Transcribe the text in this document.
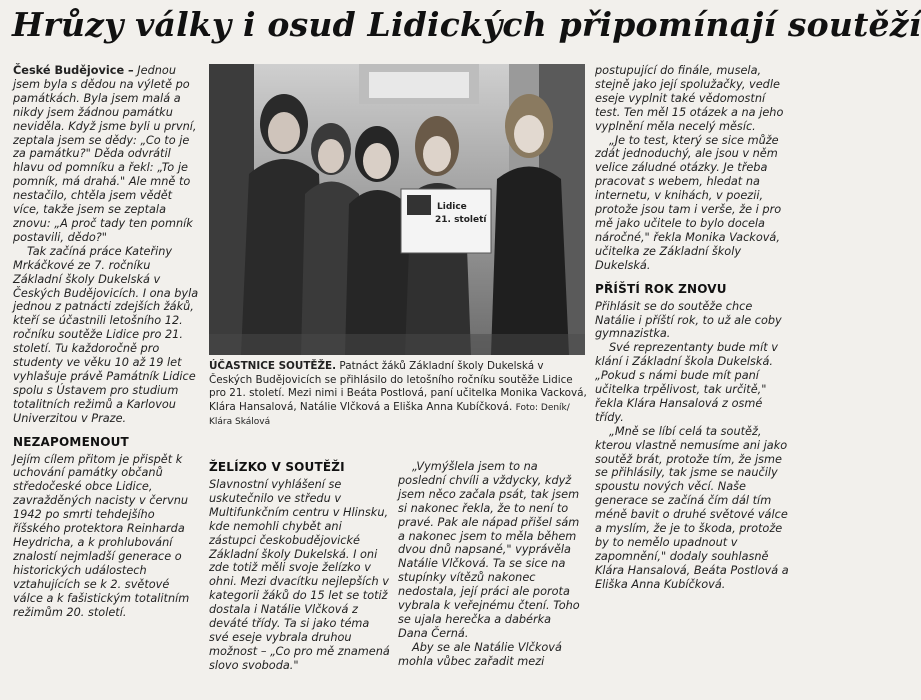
Hrůzy války i osud Lidických připomínají soutěží

České Budějovice – Jednou jsem byla s dědou na výletě po památkách. Byla jsem malá a nikdy jsem žádnou památku neviděla. Když jsme byli u první, zeptala jsem se dědy: „Co to je za památku?" Děda odvrátil hlavu od pomníku a řekl: „To je pomník, má drahá." Ale mně to nestačilo, chtěla jsem vědět více, takže jsem se zeptala znovu: „A proč tady ten pomník postavili, dědo?"

Tak začíná práce Kateřiny Mrkáčkové ze 7. ročníku Základní školy Dukelská v Českých Budějovicích. I ona byla jednou z patnácti zdejších žáků, kteří se účastnili letošního 12. ročníku soutěže Lidice pro 21. století. Tu každoročně pro studenty ve věku 10 až 19 let vyhlašuje právě Památník Lidice spolu s Ústavem pro studium totalitních režimů a Karlovou Univerzitou v Praze.

NEZAPOMENOUT

Jejím cílem přitom je přispět k uchování památky občanů středočeské obce Lidice, zavražděných nacisty v červnu 1942 po smrti tehdejšího říšského protektora Reinharda Heydricha, a k prohlubování znalostí nejmladší generace o historických událostech vztahujících se k 2. světové válce a k fašistickým totalitním režimům 20. století.

Lidice
21. století
ÚČASTNICE SOUTĚŽE. Patnáct žáků Základní školy Dukelská v Českých Budějovicích se přihlásilo do letošního ročníku soutěže Lidice pro 21. století. Mezi nimi i Beáta Postlová, paní učitelka Monika Vacková, Klára Hansalová, Natálie Vlčková a Eliška Anna Kubíčková. Foto: Deník/ Klára Skálová
ŽELÍZKO V SOUTĚŽI

Slavnostní vyhlášení se uskutečnilo ve středu v Multifunkčním centru v Hlinsku, kde nemohli chybět ani zástupci českobudějovické Základní školy Dukelská. I oni zde totiž měli svoje želízko v ohni. Mezi dvacítku nejlepších v kategorii žáků do 15 let se totiž dostala i Natálie Vlčková z deváté třídy. Ta si jako téma své eseje vybrala druhou možnost – „Co pro mě znamená slovo svoboda."

„Vymýšlela jsem to na poslední chvíli a vždycky, když jsem něco začala psát, tak jsem si nakonec řekla, že to není to pravé. Pak ale nápad přišel sám a nakonec jsem to měla během dvou dnů napsané," vyprávěla Natálie Vlčková. Ta se sice na stupínky vítězů nakonec nedostala, její práci ale porota vybrala k veřejnému čtení. Toho se ujala herečka a dabérka Dana Černá.

Aby se ale Natálie Vlčková mohla vůbec zařadit mezi

postupující do finále, musela, stejně jako její spolužačky, vedle eseje vyplnit také vědomostní test. Ten měl 15 otázek a na jeho vyplnění měla necelý měsíc.

„Je to test, který se sice může zdát jednoduchý, ale jsou v něm velice záludné otázky. Je třeba pracovat s webem, hledat na internetu, v knihách, v poezii, protože jsou tam i verše, že i pro mě jako učitele to bylo docela náročné," řekla Monika Vacková, učitelka ze Základní školy Dukelská.

PŘÍŠTÍ ROK ZNOVU

Přihlásit se do soutěže chce Natálie i příští rok, to už ale coby gymnazistka.

Své reprezentanty bude mít v klání i Základní škola Dukelská. „Pokud s námi bude mít paní učitelka trpělivost, tak určitě," řekla Klára Hansalová z osmé třídy.

„Mně se líbí celá ta soutěž, kterou vlastně nemusíme ani jako soutěž brát, protože tím, že jsme se přihlásily, tak jsme se naučily spoustu nových věcí. Naše generace se začíná čím dál tím méně bavit o druhé světové válce a myslím, že je to škoda, protože by to nemělo upadnout v zapomnění," dodaly souhlasně Klára Hansalová, Beáta Postlová a Eliška Anna Kubíčková.
